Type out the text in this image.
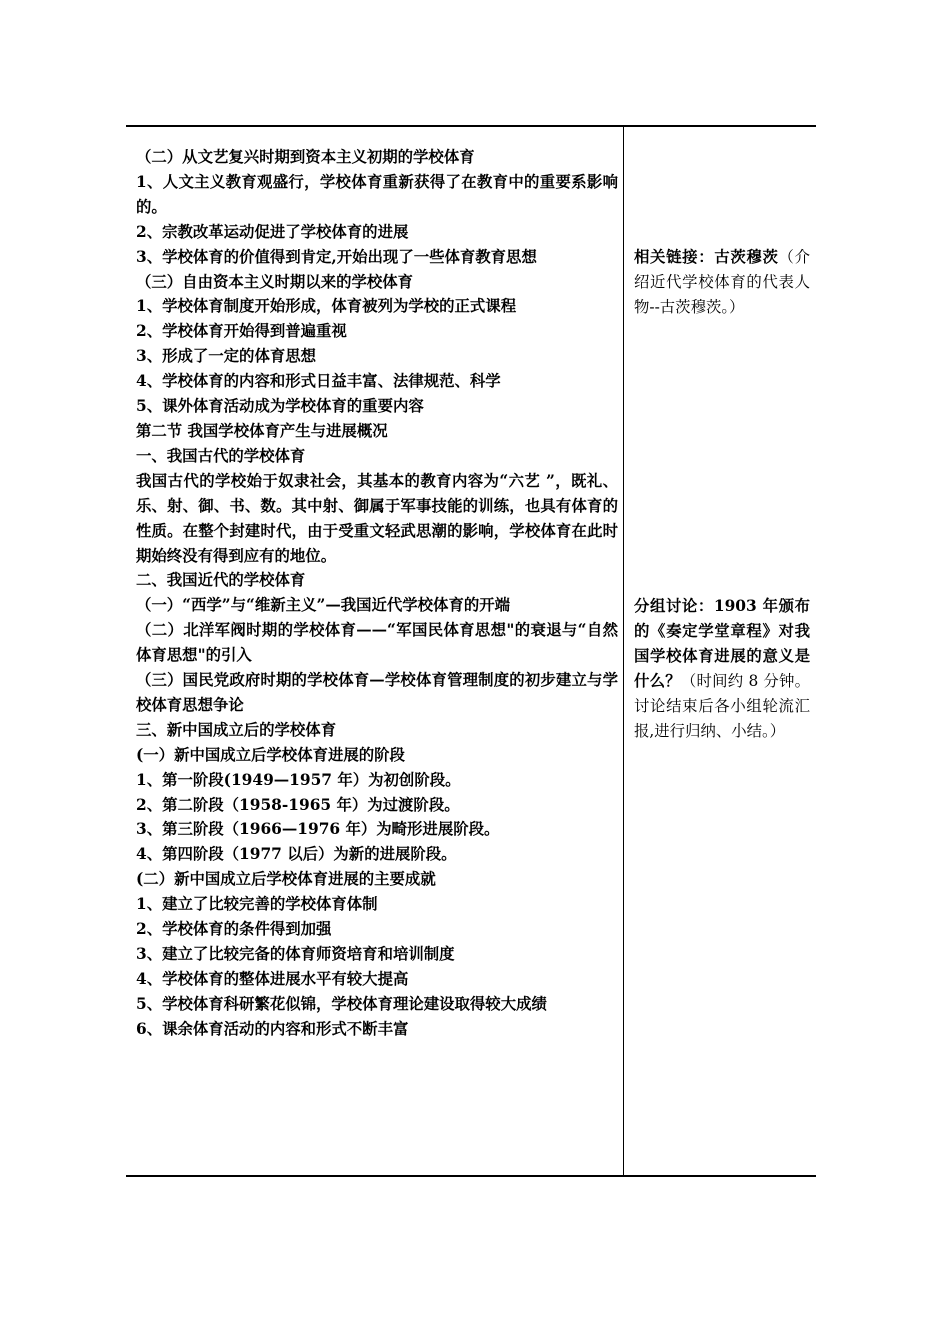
（二）从文艺复兴时期到资本主义初期的学校体育
1、人文主义教育观盛行，学校体育重新获得了在教育中的重要系影响的。
2、宗教改革运动促进了学校体育的进展
3、学校体育的价值得到肯定,开始出现了一些体育教育思想
（三）自由资本主义时期以来的学校体育
1、学校体育制度开始形成，体育被列为学校的正式课程
2、学校体育开始得到普遍重视
3、形成了一定的体育思想
4、学校体育的内容和形式日益丰富、法律规范、科学
5、课外体育活动成为学校体育的重要内容
第二节 我国学校体育产生与进展概况
一、我国古代的学校体育
我国古代的学校始于奴隶社会，其基本的教育内容为“六艺 ”，既礼、乐、射、御、书、数。其中射、御属于军事技能的训练，也具有体育的性质。在整个封建时代，由于受重文轻武思潮的影响，学校体育在此时期始终没有得到应有的地位。
二、我国近代的学校体育
（一）“西学”与“维新主义”—我国近代学校体育的开端
（二）北洋军阀时期的学校体育——“军国民体育思想"的衰退与“自然体育思想"的引入
（三）国民党政府时期的学校体育—学校体育管理制度的初步建立与学校体育思想争论
三、新中国成立后的学校体育
(一）新中国成立后学校体育进展的阶段
1、第一阶段(1949—1957 年）为初创阶段。
2、第二阶段（1958-1965 年）为过渡阶段。
3、第三阶段（1966—1976 年）为畸形进展阶段。
4、第四阶段（1977 以后）为新的进展阶段。
(二）新中国成立后学校体育进展的主要成就
1、建立了比较完善的学校体育体制
2、学校体育的条件得到加强
3、建立了比较完备的体育师资培育和培训制度
4、学校体育的整体进展水平有较大提高
5、学校体育科研繁花似锦，学校体育理论建设取得较大成绩
6、课余体育活动的内容和形式不断丰富
相关链接：古茨穆茨（介绍近代学校体育的代表人物--古茨穆茨。）
分组讨论：1903 年颁布的《奏定学堂章程》对我国学校体育进展的意义是什么？（时间约 8 分钟。讨论结束后各小组轮流汇报,进行归纳、小结。）
